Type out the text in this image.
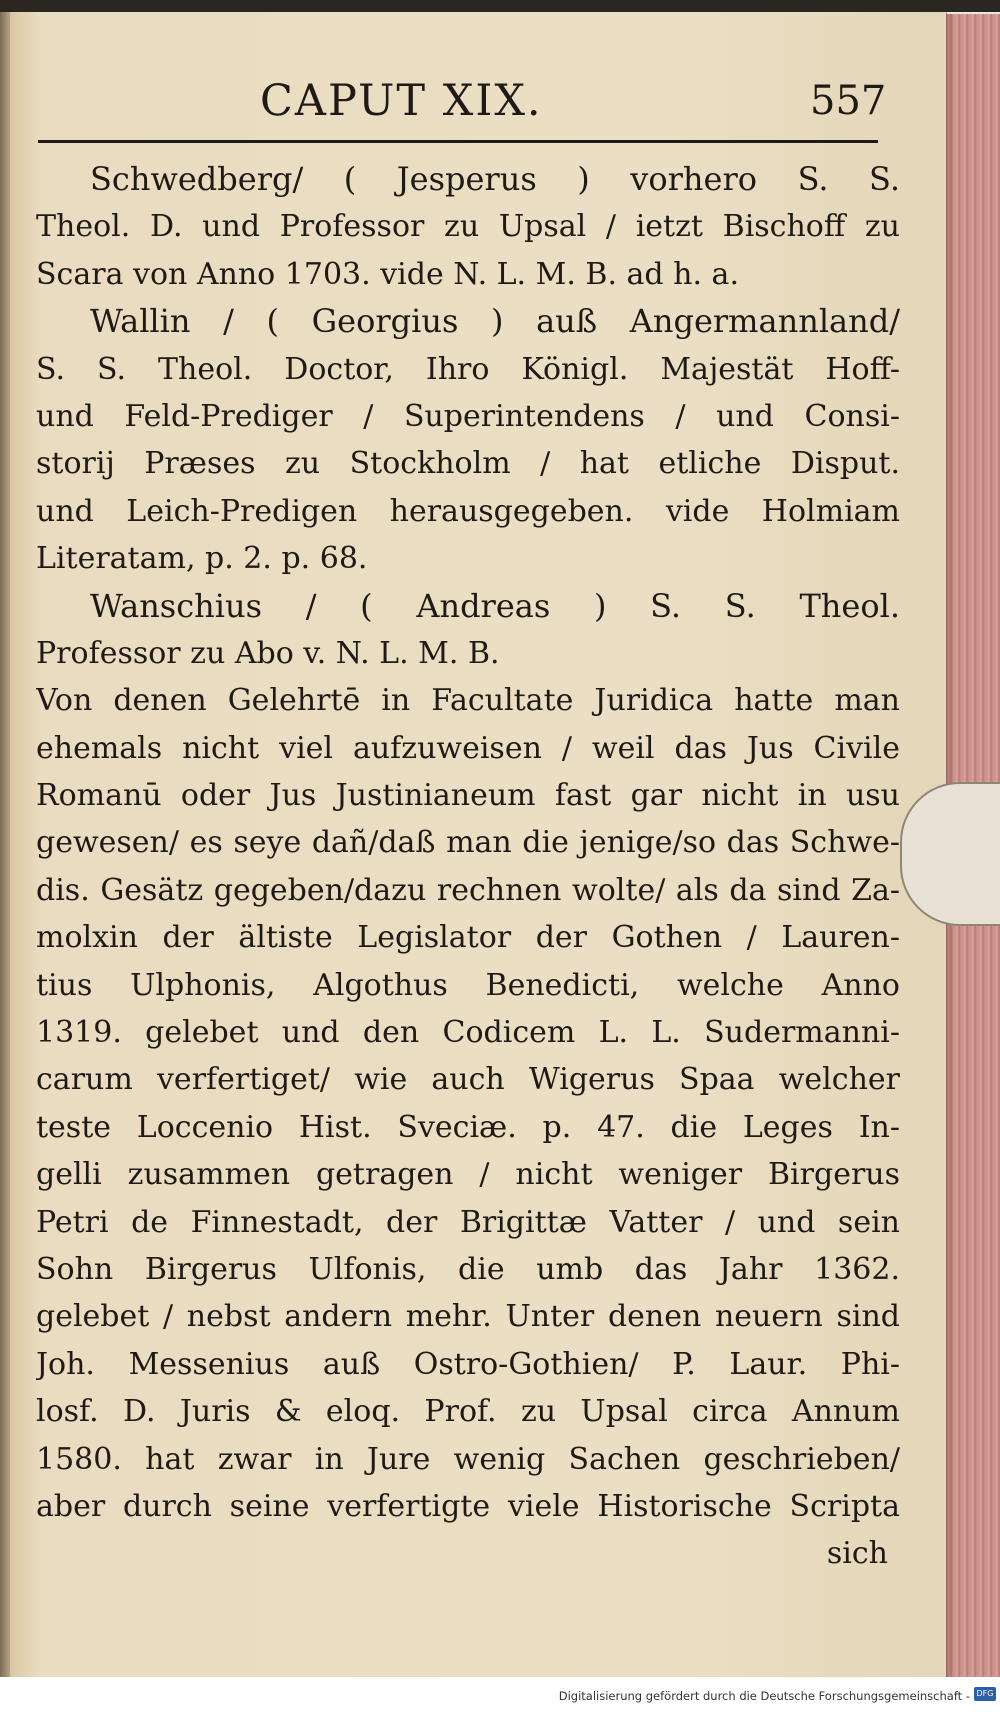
CAPUT XIX.	557
Schwedberg/ ( Jesperus ) vorhero S. S.
Theol. D. und Professor zu Upsal / ietzt Bischoff zu
Scara von Anno 1703. vide N. L. M. B. ad h. a.
Wallin / ( Georgius ) auß Angermannland/
S. S. Theol. Doctor, Ihro Königl. Majestät Hoff-
und Feld-Prediger / Superintendens / und Consi-
storij Præses zu Stockholm / hat etliche Disput.
und Leich-Predigen herausgegeben. vide Holmiam
Literatam, p. 2. p. 68.
Wanschius / ( Andreas ) S. S. Theol.
Professor zu Abo v. N. L. M. B.
Von denen Gelehrtē in Facultate Juridica hatte man
ehemals nicht viel aufzuweisen / weil das Jus Civile
Romanū oder Jus Justinianeum fast gar nicht in usu
gewesen/ es seye dañ/daß man die jenige/so das Schwe-
dis. Gesätz gegeben/dazu rechnen wolte/ als da sind Za-
molxin der ältiste Legislator der Gothen / Lauren-
tius Ulphonis, Algothus Benedicti, welche Anno
1319. gelebet und den Codicem L. L. Sudermanni-
carum verfertiget/ wie auch Wigerus Spaa welcher
teste Loccenio Hist. Sveciæ. p. 47. die Leges In-
gelli zusammen getragen / nicht weniger Birgerus
Petri de Finnestadt, der Brigittæ Vatter / und sein
Sohn Birgerus Ulfonis, die umb das Jahr 1362.
gelebet / nebst andern mehr. Unter denen neuern sind
Joh. Messenius auß Ostro-Gothien/ P. Laur. Phi-
losf. D. Juris & eloq. Prof. zu Upsal circa Annum
1580. hat zwar in Jure wenig Sachen geschrieben/
aber durch seine verfertigte viele Historische Scripta
sich
Digitalisierung gefördert durch die Deutsche Forschungsgemeinschaft - DFG
